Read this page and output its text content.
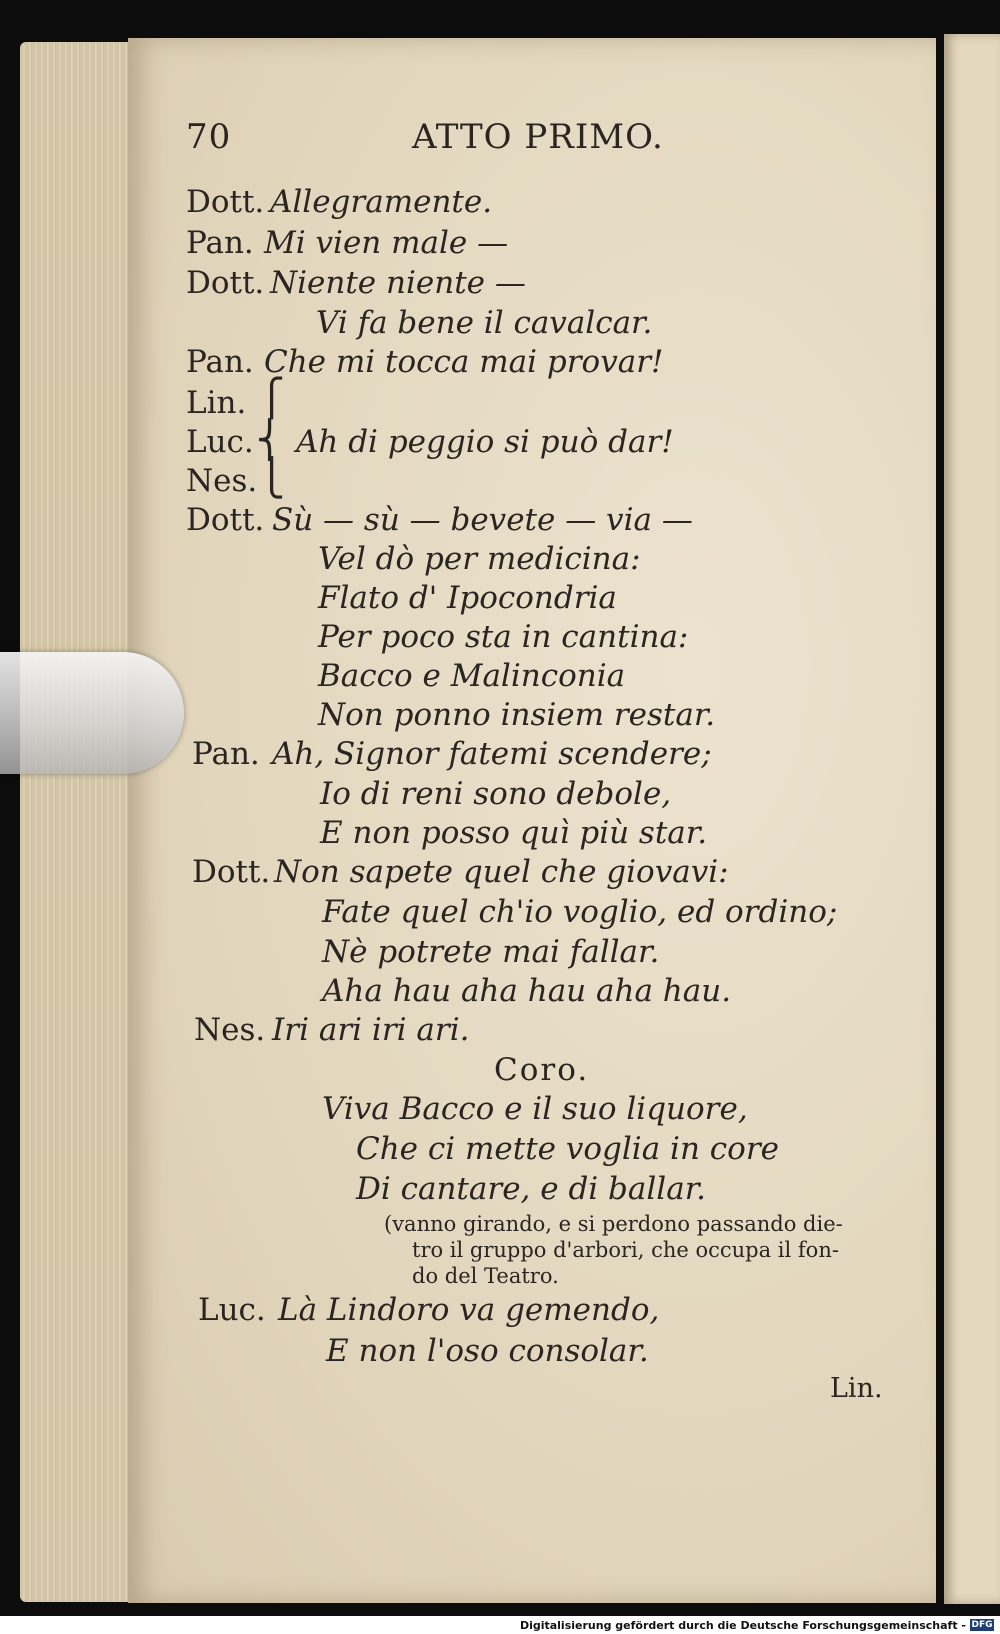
70	ATTO PRIMO.
Dott. Allegramente.
Pan. Mi vien male —
Dott. Niente niente —
Vi fa bene il cavalcar.
Pan. Che mi tocca mai provar!
Lin.
Luc.
⎧
⎨
⎩
Ah di peggio si può dar!
Nes.
Dott. Sù — sù — bevete — via —
Vel dò per medicina:
Flato d' Ipocondria
Per poco sta in cantina:
Bacco e Malinconia
Non ponno insiem restar.
Pan. Ah, Signor fatemi scendere;
Io di reni sono debole,
E non posso quì più star.
Dott. Non sapete quel che giovavi:
Fate quel ch'io voglio, ed ordino;
Nè potrete mai fallar.
Aha hau aha hau aha hau.
Nes. Iri ari iri ari.
Coro.
Viva Bacco e il suo liquore,
Che ci mette voglia in core
Di cantare, e di ballar.
(vanno girando, e si perdono passando die-
tro il gruppo d'arbori, che occupa il fon-
do del Teatro.
Luc. Là Lindoro va gemendo,
E non l'oso consolar.
Lin.
Digitalisierung gefördert durch die Deutsche Forschungsgemeinschaft - DFG
